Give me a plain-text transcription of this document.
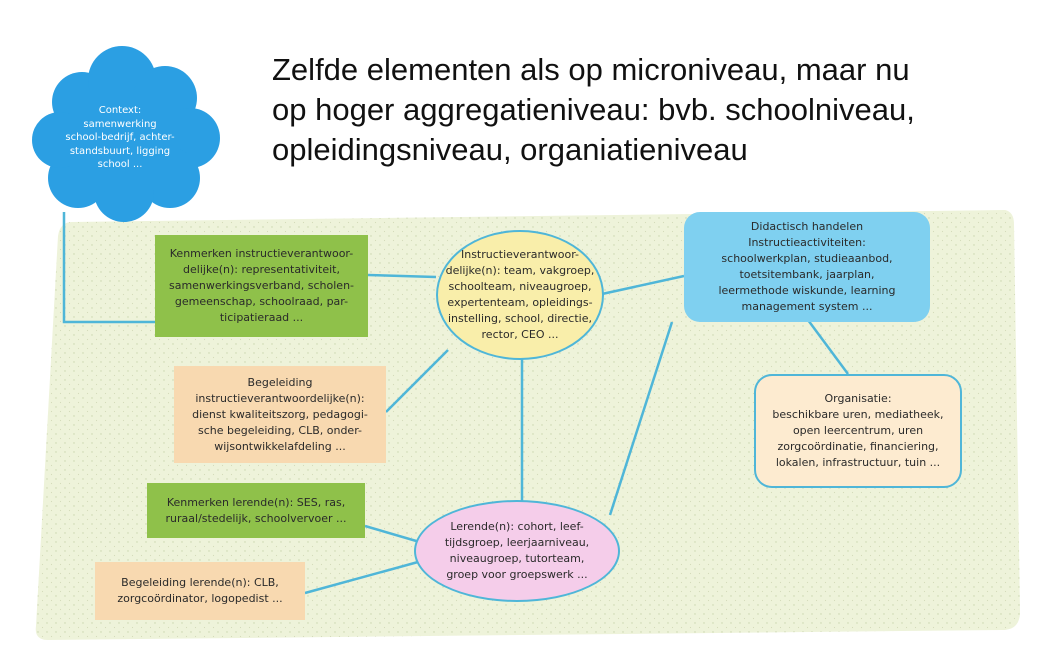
Zelfde elementen als op microniveau, maar nu
op hoger aggregatieniveau: bvb. schoolniveau,
opleidingsniveau, organiatieniveau
Context:
samenwerking
school-bedrijf, achter-
standsbuurt, ligging
school ...
Kenmerken instructieverantwoor-
delijke(n): representativiteit,
samenwerkingsverband, scholen-
gemeenschap, schoolraad, par-
ticipatieraad ...
Begeleiding
instructieverantwoordelijke(n):
dienst kwaliteitszorg, pedagogi-
sche begeleiding, CLB, onder-
wijsontwikkelafdeling ...
Kenmerken lerende(n): SES, ras,
ruraal/stedelijk, schoolvervoer ...
Begeleiding lerende(n): CLB,
zorgcoördinator, logopedist ...
Instructieverantwoor-
delijke(n): team, vakgroep,
schoolteam, niveaugroep,
expertenteam, opleidings-
instelling, school, directie,
rector, CEO ...
Lerende(n): cohort, leef-
tijdsgroep, leerjaarniveau,
niveaugroep, tutorteam,
groep voor groepswerk ...
Didactisch handelen
Instructieactiviteiten:
schoolwerkplan, studieaanbod,
toetsitembank, jaarplan,
leermethode wiskunde, learning
management system ...
Organisatie:
beschikbare uren, mediatheek,
open leercentrum, uren
zorgcoördinatie, financiering,
lokalen, infrastructuur, tuin ...
